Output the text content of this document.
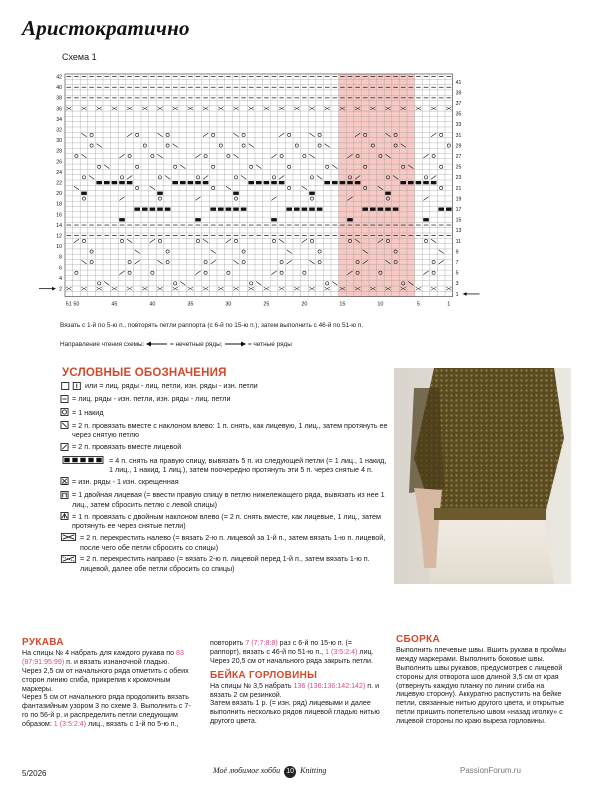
Аристократично
Схема 1
42
40
38
36
34
32
30
28
26
24
22
20
18
16
14
12
10
8
6
4
2
41
39
37
35
33
31
29
27
25
23
21
19
17
15
13
11
9
7
5
3
1
51 50	45	40	35	30	25	20	15	10	5	1
Вязать с 1-й по 5-ю п., повторять петли раппорта (с 6-й по 15-ю п.), затем выполнить с 46-й по 51-ю п.
Направление чтения схемы:	= нечетные ряды;	= четные ряды
УСЛОВНЫЕ ОБОЗНАЧЕНИЯ
или = лиц. ряды - лиц. петли, изн. ряды - изн. петли
= лиц. ряды - изн. петли, изн. ряды - лиц. петли
= 1 накид
= 2 п. провязать вместе с наклоном влево: 1 п. снять, как лицевую, 1 лиц., затем протянуть ее через снятую петлю
= 2 п. провязать вместе лицевой
= 4 п. снять на правую спицу, вывязать 5 п. из следующей петли (= 1 лиц., 1 накид, 1 лиц., 1 накид, 1 лиц.), затем поочередно протянуть эти 5 п. через снятые 4 п.
= изн. ряды - 1 изн. скрещенная
= 1 двойная лицевая (= ввести правую спицу в петлю нижележащего ряда, вывязать из нее 1 лиц., затем сбросить петлю с левой спицы)
= 1 п. провязать с двойным наклоном влево (= 2 п. снять вместе, как лицевые, 1 лиц., затем протянуть ее через снятые петли)
= 2 п. перекрестить налево (= вязать 2-ю п. лицевой за 1-й п., затем вязать 1-ю п. лицевой, после чего обе петли сбросить со спицы)
= 2 п. перекрестить направо (= вязать 2-ю п. лицевой перед 1-й п., затем вязать 1-ю п. лицевой, далее обе петли сбросить со спицы)
РУКАВА
На спицы № 4 набрать для каждого рукава по 83 (87:91:95:99) п. и вязать изнаночной гладью.
Через 2,5 см от начального ряда отметить с обеих сторон линию сгиба, прикрепив к кромочным маркеры.
Через 5 см от начального ряда продолжить вязать фантазийным узором 3 по схеме 3. Выполнить с 7-го по 56-й р. и распределить петли следующим образом: 1 (3:5:2:4) лиц., вязать с 1-й по 5-ю п.,
повторить 7 (7:7:8:8) раз с 6-й по 15-ю п. (= раппорт), вязать с 46-й по 51-ю п., 1 (3:5:2:4) лиц.
Через 20,5 см от начального ряда закрыть петли.
БЕЙКА ГОРЛОВИНЫ
На спицы № 3,5 набрать 136 (136:136:142:142) п. и вязать 2 см резинкой.
Затем вязать 1 р. (= изн. ряд) лицевыми и далее выполнить несколько рядов лицевой гладью нитью другого цвета.
СБОРКА
Выполнить плечевые швы. Вшить рукава в проймы между маркерами. Выполнить боковые швы. Выполнить швы рукавов, предусмотрев с лицевой стороны для отворота шов длиной 3,5 см от края (отвернуть каждую планку по линии сгиба на лицевую сторону). Аккуратно распустить на бейке петли, связанные нитью другого цвета, и открытые петли пришить попетельно швом «назад иголку» с лицевой стороны по краю выреза горловины.
5/2026	Моё любимое хобби 10 Knitting	PassionForum.ru
